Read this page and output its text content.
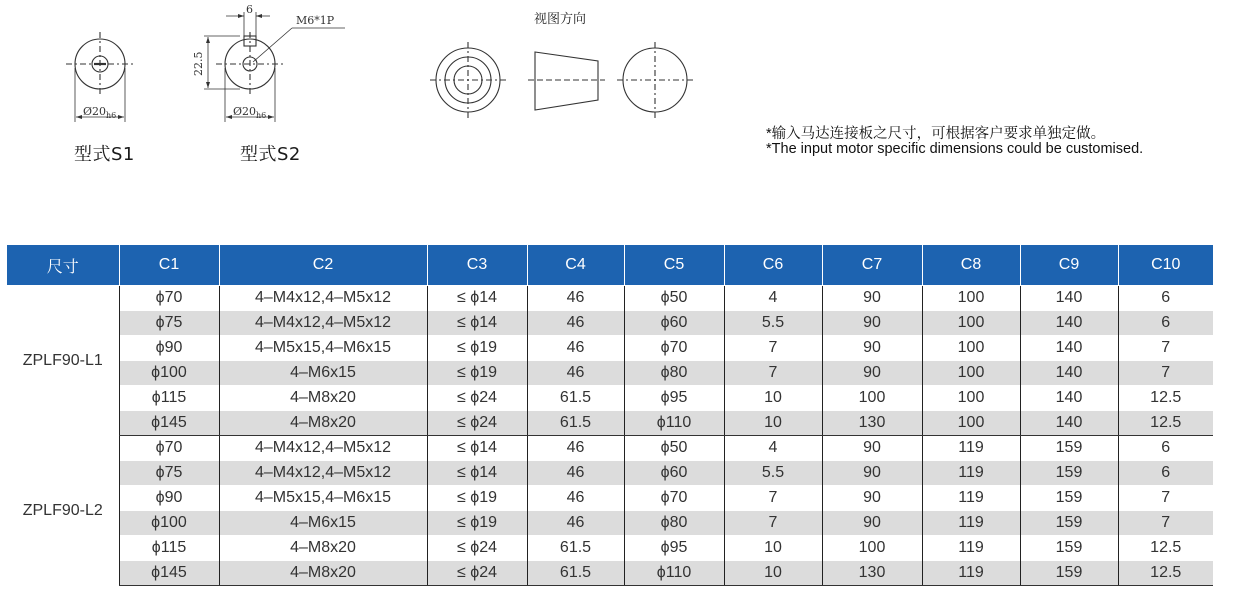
$Ø20_{h6}$
6
M6*1P
22.5
$Ø20_{h6}$
型式S1	型式S2
视图方向
*输入马达连接板之尺寸，可根据客户要求单独定做。
*The input motor specific dimensions could be customised.
尺寸	C1	C2	C3	C4	C5	C6	C7	C8	C9	C10
ZPLF90-L1	ϕ70	4–M4x12,4–M5x12	≤ ϕ14	46	ϕ50	4	90	100	140	6
	ϕ75	4–M4x12,4–M5x12	≤ ϕ14	46	ϕ60	5.5	90	100	140	6
	ϕ90	4–M5x15,4–M6x15	≤ ϕ19	46	ϕ70	7	90	100	140	7
	ϕ100	4–M6x15	≤ ϕ19	46	ϕ80	7	90	100	140	7
	ϕ115	4–M8x20	≤ ϕ24	61.5	ϕ95	10	100	100	140	12.5
	ϕ145	4–M8x20	≤ ϕ24	61.5	ϕ110	10	130	100	140	12.5
ZPLF90-L2	ϕ70	4–M4x12,4–M5x12	≤ ϕ14	46	ϕ50	4	90	119	159	6
	ϕ75	4–M4x12,4–M5x12	≤ ϕ14	46	ϕ60	5.5	90	119	159	6
	ϕ90	4–M5x15,4–M6x15	≤ ϕ19	46	ϕ70	7	90	119	159	7
	ϕ100	4–M6x15	≤ ϕ19	46	ϕ80	7	90	119	159	7
	ϕ115	4–M8x20	≤ ϕ24	61.5	ϕ95	10	100	119	159	12.5
	ϕ145	4–M8x20	≤ ϕ24	61.5	ϕ110	10	130	119	159	12.5
